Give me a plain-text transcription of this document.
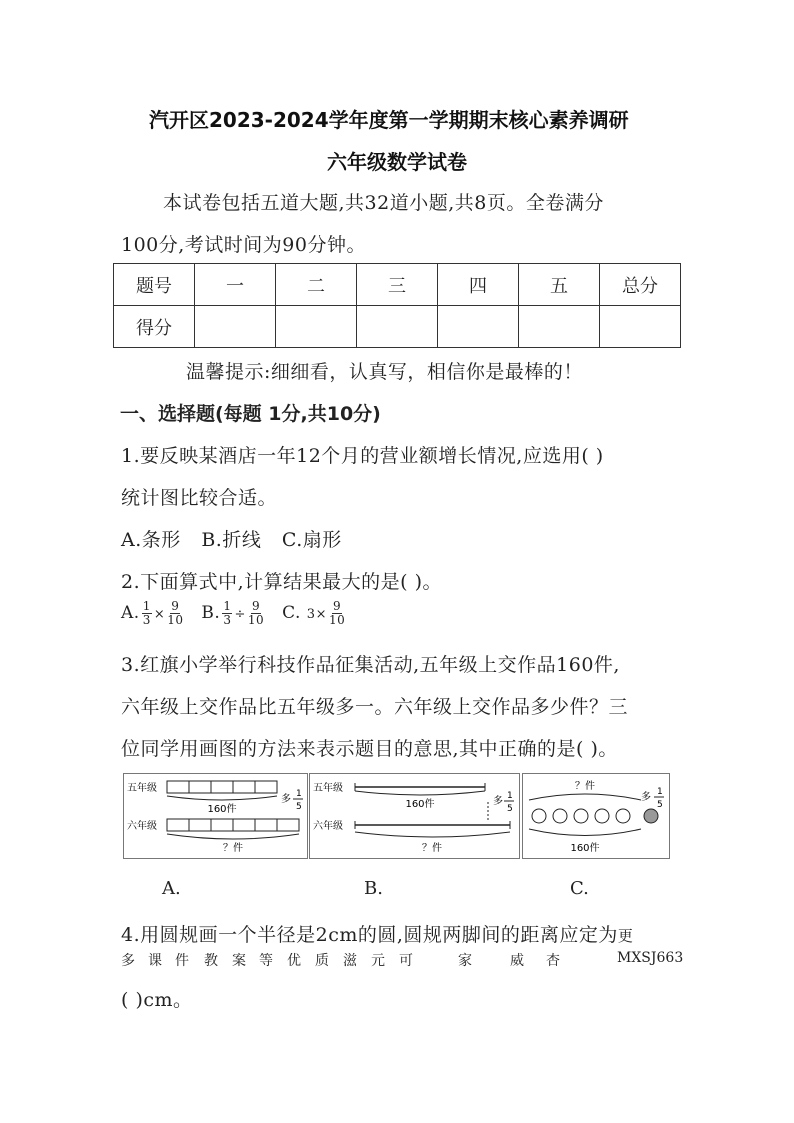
汽开区2023-2024学年度第一学期期末核心素养调研
六年级数学试卷
本试卷包括五道大题,共32道小题,共8页。全卷满分
100分,考试时间为90分钟。
题号	一	二	三	四	五	总分
得分						
温馨提示:细细看，认真写，相信你是最棒的！
一、选择题(每题 1分,共10分)
1.要反映某酒店一年12个月的营业额增长情况,应选用( )
统计图比较合适。
A.条形 B.折线 C.扇形
2.下面算式中,计算结果最大的是( )。
A. $\frac{1}{3} \times \frac{9}{10} B$. $\frac{1}{3} \div \frac{9}{10} C$. $3\times \frac{9}{10}$
3.红旗小学举行科技作品征集活动,五年级上交作品160件,
六年级上交作品比五年级多一。六年级上交作品多少件？三
位同学用画图的方法来表示题目的意思,其中正确的是( )。
五年级
160件
多 1
5
六年级
？件
五年级
160件	多 1
5
六年级
？件
？件
多 1
5
160件
A.	B.	C.
4.用圆规画一个半径是2cm的圆,圆规两脚间的距离应定为更
多 课 件 教 案 等 优 质 滋 元 可	家	威 杏	MXSJ663
( )cm。
